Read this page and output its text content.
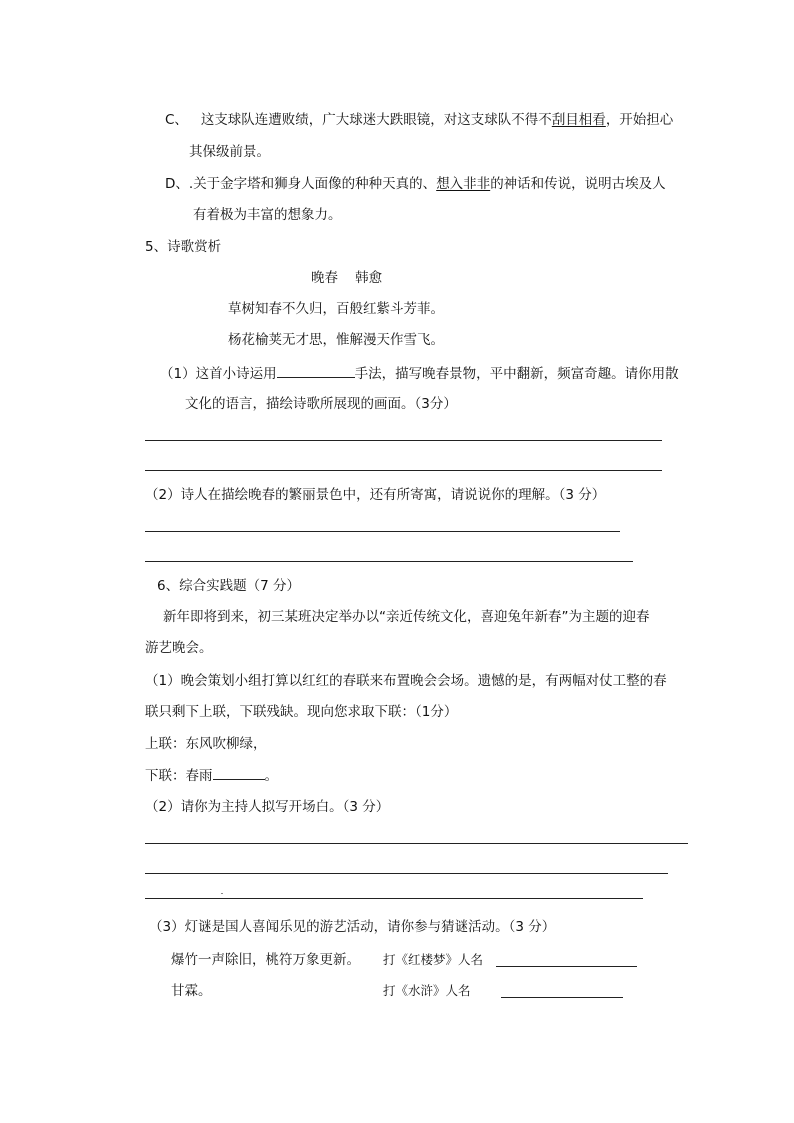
C、 这支球队连遭败绩，广大球迷大跌眼镜，对这支球队不得不刮目相看，开始担心
其保级前景。
D、.关于金字塔和狮身人面像的种种天真的、想入非非的神话和传说，说明古埃及人
有着极为丰富的想象力。
5、诗歌赏析
晚春 韩愈
草树知春不久归，百般红紫斗芳菲。
杨花榆荚无才思，惟解漫天作雪飞。
（1）这首小诗运用	手法，描写晚春景物，平中翻新，频富奇趣。请你用散
文化的语言，描绘诗歌所展现的画面。（3分）
（2）诗人在描绘晚春的繁丽景色中，还有所寄寓，请说说你的理解。（3 分）
6、综合实践题（7 分）
新年即将到来，初三某班决定举办以“亲近传统文化，喜迎兔年新春”为主题的迎春
游艺晚会。
（1）晚会策划小组打算以红红的春联来布置晚会会场。遗憾的是，有两幅对仗工整的春
联只剩下上联，下联残缺。现向您求取下联：（1分）
上联：东风吹柳绿，
下联：春雨	。
（2）请你为主持人拟写开场白。（3 分）
（3）灯谜是国人喜闻乐见的游艺活动，请你参与猜谜活动。（3 分）
爆竹一声除旧，桃符万象更新。 打《红楼梦》人名
甘霖。	打《水浒》人名
